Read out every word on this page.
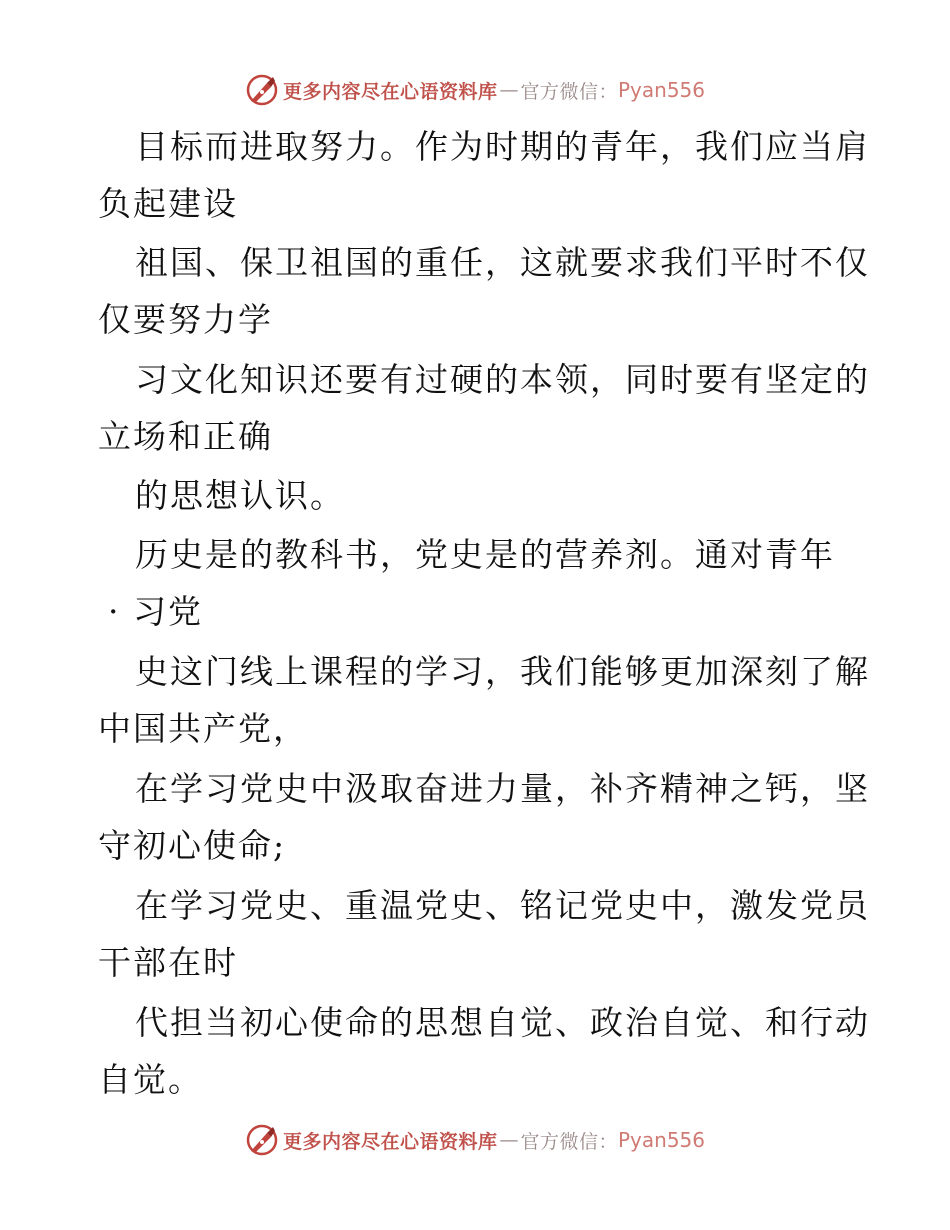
更多内容尽在心语资料库 — 官方微信： Pyan556
目标而进取努力。作为时期的青年，我们应当肩
负起建设
祖国、保卫祖国的重任，这就要求我们平时不仅
仅要努力学
习文化知识还要有过硬的本领，同时要有坚定的
立场和正确
的思想认识。
历史是的教科书，党史是的营养剂。通对青年
· 习党
史这门线上课程的学习，我们能够更加深刻了解
中国共产党，
在学习党史中汲取奋进力量，补齐精神之钙，坚
守初心使命;
在学习党史、重温党史、铭记党史中，激发党员
干部在时
代担当初心使命的思想自觉、政治自觉、和行动
自觉。
更多内容尽在心语资料库 — 官方微信： Pyan556
